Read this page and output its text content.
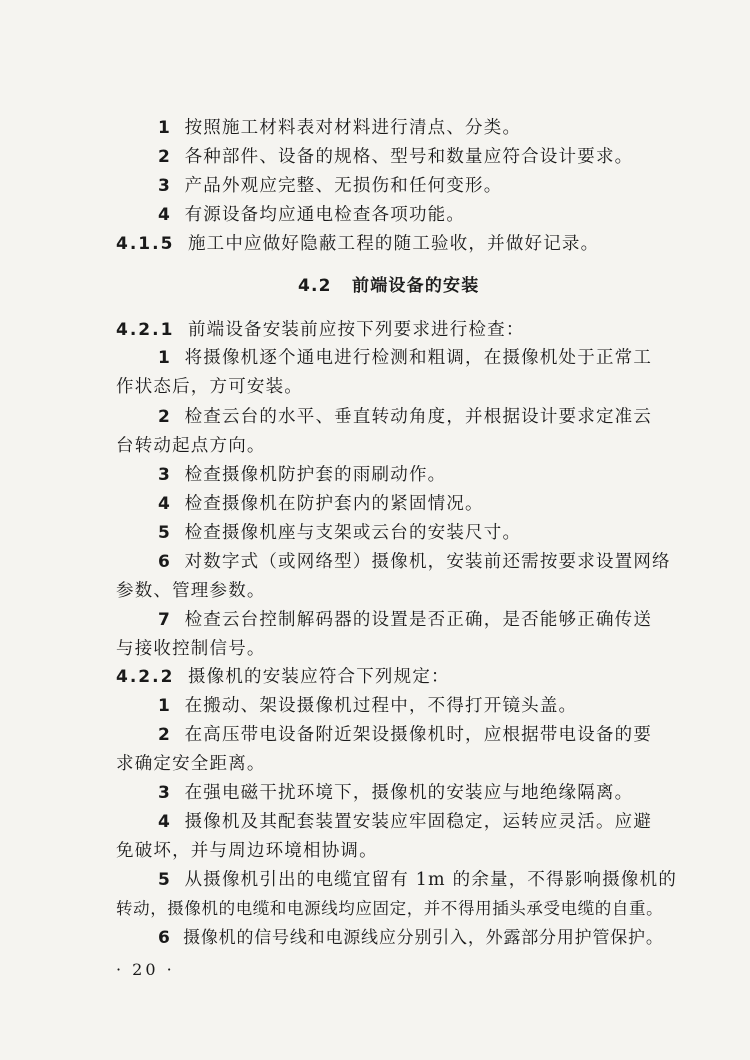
1 按照施工材料表对材料进行清点、分类。
2 各种部件、设备的规格、型号和数量应符合设计要求。
3 产品外观应完整、无损伤和任何变形。
4 有源设备均应通电检查各项功能。
4.1.5 施工中应做好隐蔽工程的随工验收，并做好记录。
4.2 前端设备的安装
4.2.1 前端设备安装前应按下列要求进行检查：
1 将摄像机逐个通电进行检测和粗调，在摄像机处于正常工
作状态后，方可安装。
2 检查云台的水平、垂直转动角度，并根据设计要求定准云
台转动起点方向。
3 检查摄像机防护套的雨刷动作。
4 检查摄像机在防护套内的紧固情况。
5 检查摄像机座与支架或云台的安装尺寸。
6 对数字式（或网络型）摄像机，安装前还需按要求设置网络
参数、管理参数。
7 检查云台控制解码器的设置是否正确，是否能够正确传送
与接收控制信号。
4.2.2 摄像机的安装应符合下列规定：
1 在搬动、架设摄像机过程中，不得打开镜头盖。
2 在高压带电设备附近架设摄像机时，应根据带电设备的要
求确定安全距离。
3 在强电磁干扰环境下，摄像机的安装应与地绝缘隔离。
4 摄像机及其配套装置安装应牢固稳定，运转应灵活。应避
免破坏，并与周边环境相协调。
5 从摄像机引出的电缆宜留有 1m 的余量，不得影响摄像机的
转动，摄像机的电缆和电源线均应固定，并不得用插头承受电缆的自重。
6 摄像机的信号线和电源线应分别引入，外露部分用护管保护。
· 20 ·
